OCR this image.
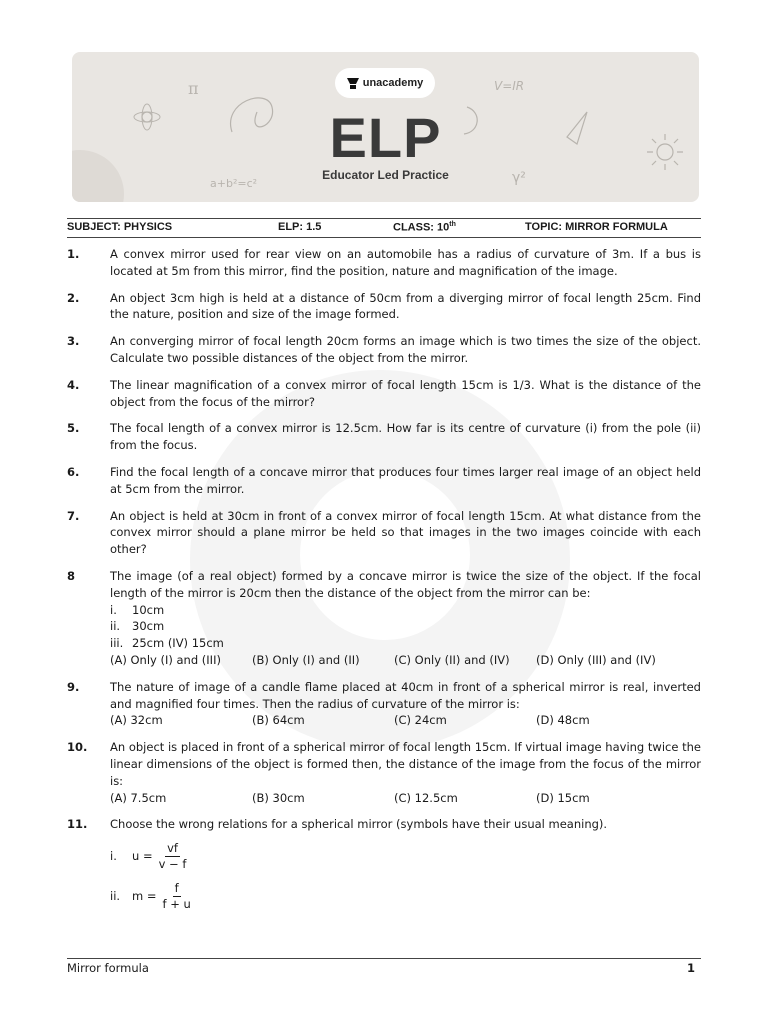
π
a+b²=c²
V=IR
γ²
unacademy
ELP
Educator Led Practice
SUBJECT: PHYSICS	ELP: 1.5	CLASS: 10th	TOPIC: MIRROR FORMULA
1.	A convex mirror used for rear view on an automobile has a radius of curvature of 3m. If a bus is located at 5m from this mirror, find the position, nature and magnification of the image.
2.	An object 3cm high is held at a distance of 50cm from a diverging mirror of focal length 25cm. Find the nature, position and size of the image formed.
3.	An converging mirror of focal length 20cm forms an image which is two times the size of the object. Calculate two possible distances of the object from the mirror.
4.	The linear magnification of a convex mirror of focal length 15cm is 1/3. What is the distance of the object from the focus of the mirror?
5.	The focal length of a convex mirror is 12.5cm. How far is its centre of curvature (i) from the pole (ii) from the focus.
6.	Find the focal length of a concave mirror that produces four times larger real image of an object held at 5cm from the mirror.
7.	An object is held at 30cm in front of a convex mirror of focal length 15cm. At what distance from the convex mirror should a plane mirror be held so that images in the two images coincide with each other?
8	The image (of a real object) formed by a concave mirror is twice the size of the object. If the focal length of the mirror is 20cm then the distance of the object from the mirror can be:
i.	10cm
ii.	30cm
iii. 25cm (IV) 15cm
(A) Only (I) and (III)	(B) Only (I) and (II)	(C) Only (II) and (IV)	(D) Only (III) and (IV)
9.	The nature of image of a candle flame placed at 40cm in front of a spherical mirror is real, inverted and magnified four times. Then the radius of curvature of the mirror is:
(A) 32cm	(B) 64cm	(C) 24cm	(D) 48cm
10.	An object is placed in front of a spherical mirror of focal length 15cm. If virtual image having twice the linear dimensions of the object is formed then, the distance of the image from the focus of the mirror is:
(A) 7.5cm	(B) 30cm	(C) 12.5cm	(D) 15cm
11.	Choose the wrong relations for a spherical mirror (symbols have their usual meaning).
i.	$u = \frac{vf}{v - f}$
ii.	$m = \frac{f}{f + u}$
Mirror formula	1
